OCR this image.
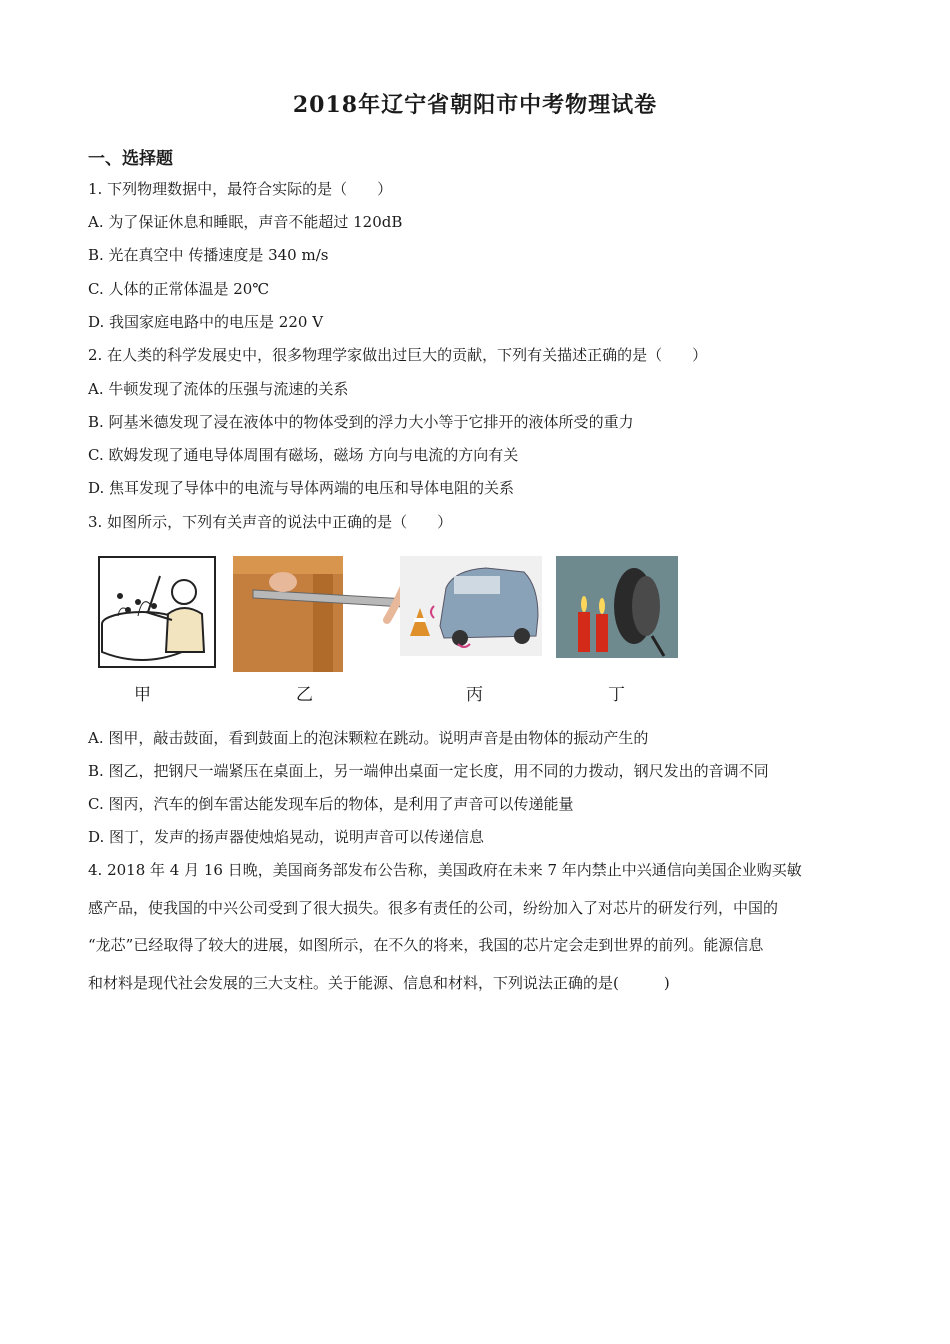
2018年辽宁省朝阳市中考物理试卷
一、选择题
1. 下列物理数据中，最符合实际的是（　　）
A. 为了保证休息和睡眠，声音不能超过 120dB
B. 光在真空中 传播速度是 340 m/s
C. 人体的正常体温是 20℃
D. 我国家庭电路中的电压是 220 V
2. 在人类的科学发展史中，很多物理学家做出过巨大的贡献，下列有关描述正确的是（　　）
A. 牛顿发现了流体的压强与流速的关系
B. 阿基米德发现了浸在液体中的物体受到的浮力大小等于它排开的液体所受的重力
C. 欧姆发现了通电导体周围有磁场，磁场 方向与电流的方向有关
D. 焦耳发现了导体中的电流与导体两端的电压和导体电阻的关系
3. 如图所示，下列有关声音的说法中正确的是（　　）
甲	乙	丙	丁
A. 图甲，敲击鼓面，看到鼓面上的泡沫颗粒在跳动。说明声音是由物体的振动产生的
B. 图乙，把钢尺一端紧压在桌面上，另一端伸出桌面一定长度，用不同的力拨动，钢尺发出的音调不同
C. 图丙，汽车的倒车雷达能发现车后的物体，是利用了声音可以传递能量
D. 图丁，发声的扬声器使烛焰晃动，说明声音可以传递信息
4. 2018 年 4 月 16 日晚，美国商务部发布公告称，美国政府在未来 7 年内禁止中兴通信向美国企业购买敏
感产品，使我国的中兴公司受到了很大损失。很多有责任的公司，纷纷加入了对芯片的研发行列，中国的
“龙芯”已经取得了较大的进展，如图所示，在不久的将来，我国的芯片定会走到世界的前列。能源信息
和材料是现代社会发展的三大支柱。关于能源、信息和材料，下列说法正确的是(　　　)
